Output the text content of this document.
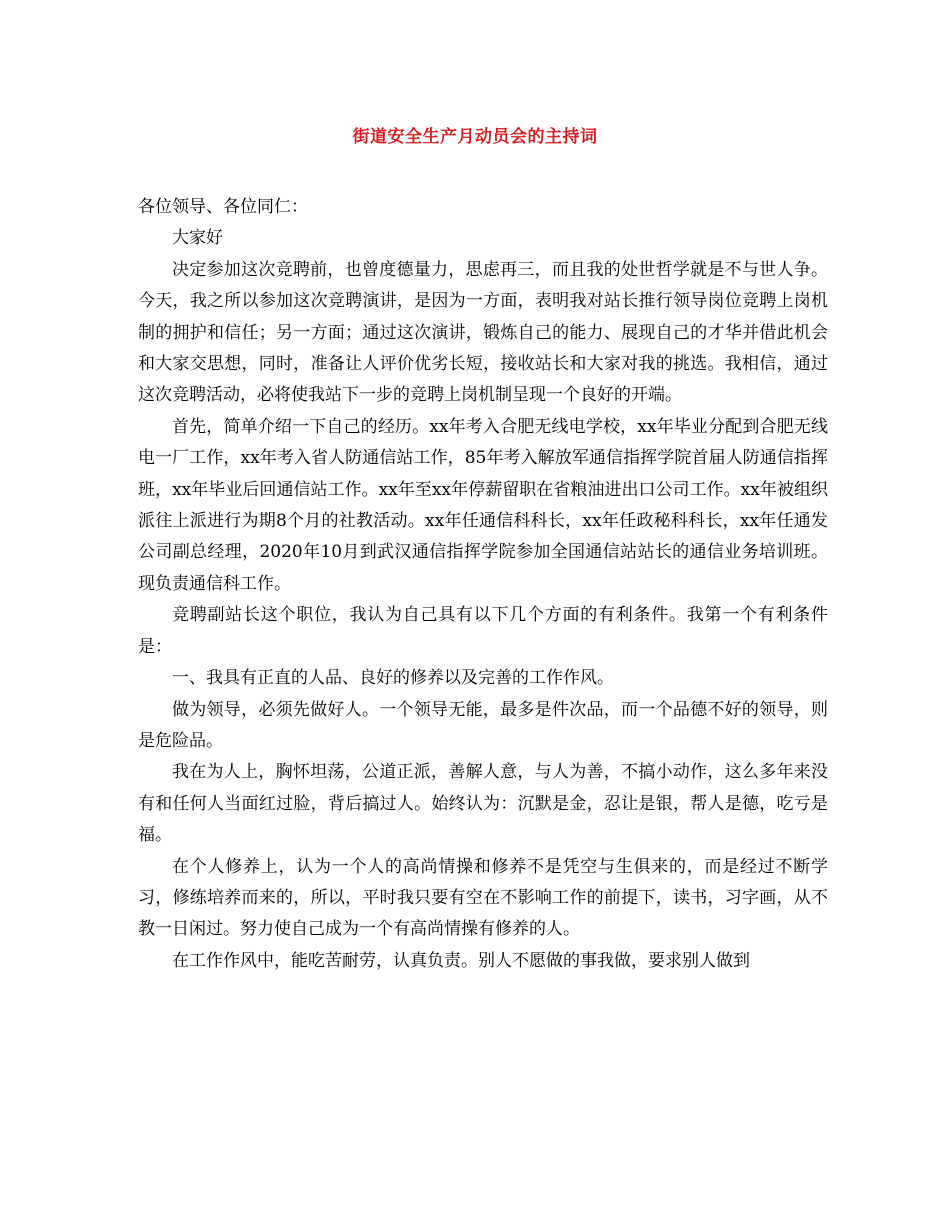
街道安全生产月动员会的主持词

各位领导、各位同仁：

大家好

决定参加这次竞聘前，也曾度德量力，思虑再三，而且我的处世哲学就是不与世人争。今天，我之所以参加这次竞聘演讲，是因为一方面，表明我对站长推行领导岗位竞聘上岗机制的拥护和信任；另一方面；通过这次演讲，锻炼自己的能力、展现自己的才华并借此机会和大家交思想，同时，准备让人评价优劣长短，接收站长和大家对我的挑选。我相信，通过这次竞聘活动，必将使我站下一步的竞聘上岗机制呈现一个良好的开端。

首先，简单介绍一下自己的经历。xx年考入合肥无线电学校，xx年毕业分配到合肥无线电一厂工作，xx年考入省人防通信站工作，85年考入解放军通信指挥学院首届人防通信指挥班，xx年毕业后回通信站工作。xx年至xx年停薪留职在省粮油进出口公司工作。xx年被组织派往上派进行为期8个月的社教活动。xx年任通信科科长，xx年任政秘科科长，xx年任通发公司副总经理，2020年10月到武汉通信指挥学院参加全国通信站站长的通信业务培训班。现负责通信科工作。

竞聘副站长这个职位，我认为自己具有以下几个方面的有利条件。我第一个有利条件是：

一、我具有正直的人品、良好的修养以及完善的工作作风。

做为领导，必须先做好人。一个领导无能，最多是件次品，而一个品德不好的领导，则是危险品。

我在为人上，胸怀坦荡，公道正派，善解人意，与人为善，不搞小动作，这么多年来没有和任何人当面红过脸，背后搞过人。始终认为：沉默是金，忍让是银，帮人是德，吃亏是福。

在个人修养上，认为一个人的高尚情操和修养不是凭空与生俱来的，而是经过不断学习，修练培养而来的，所以，平时我只要有空在不影响工作的前提下，读书，习字画，从不教一日闲过。努力使自己成为一个有高尚情操有修养的人。

在工作作风中，能吃苦耐劳，认真负责。别人不愿做的事我做，要求别人做到
